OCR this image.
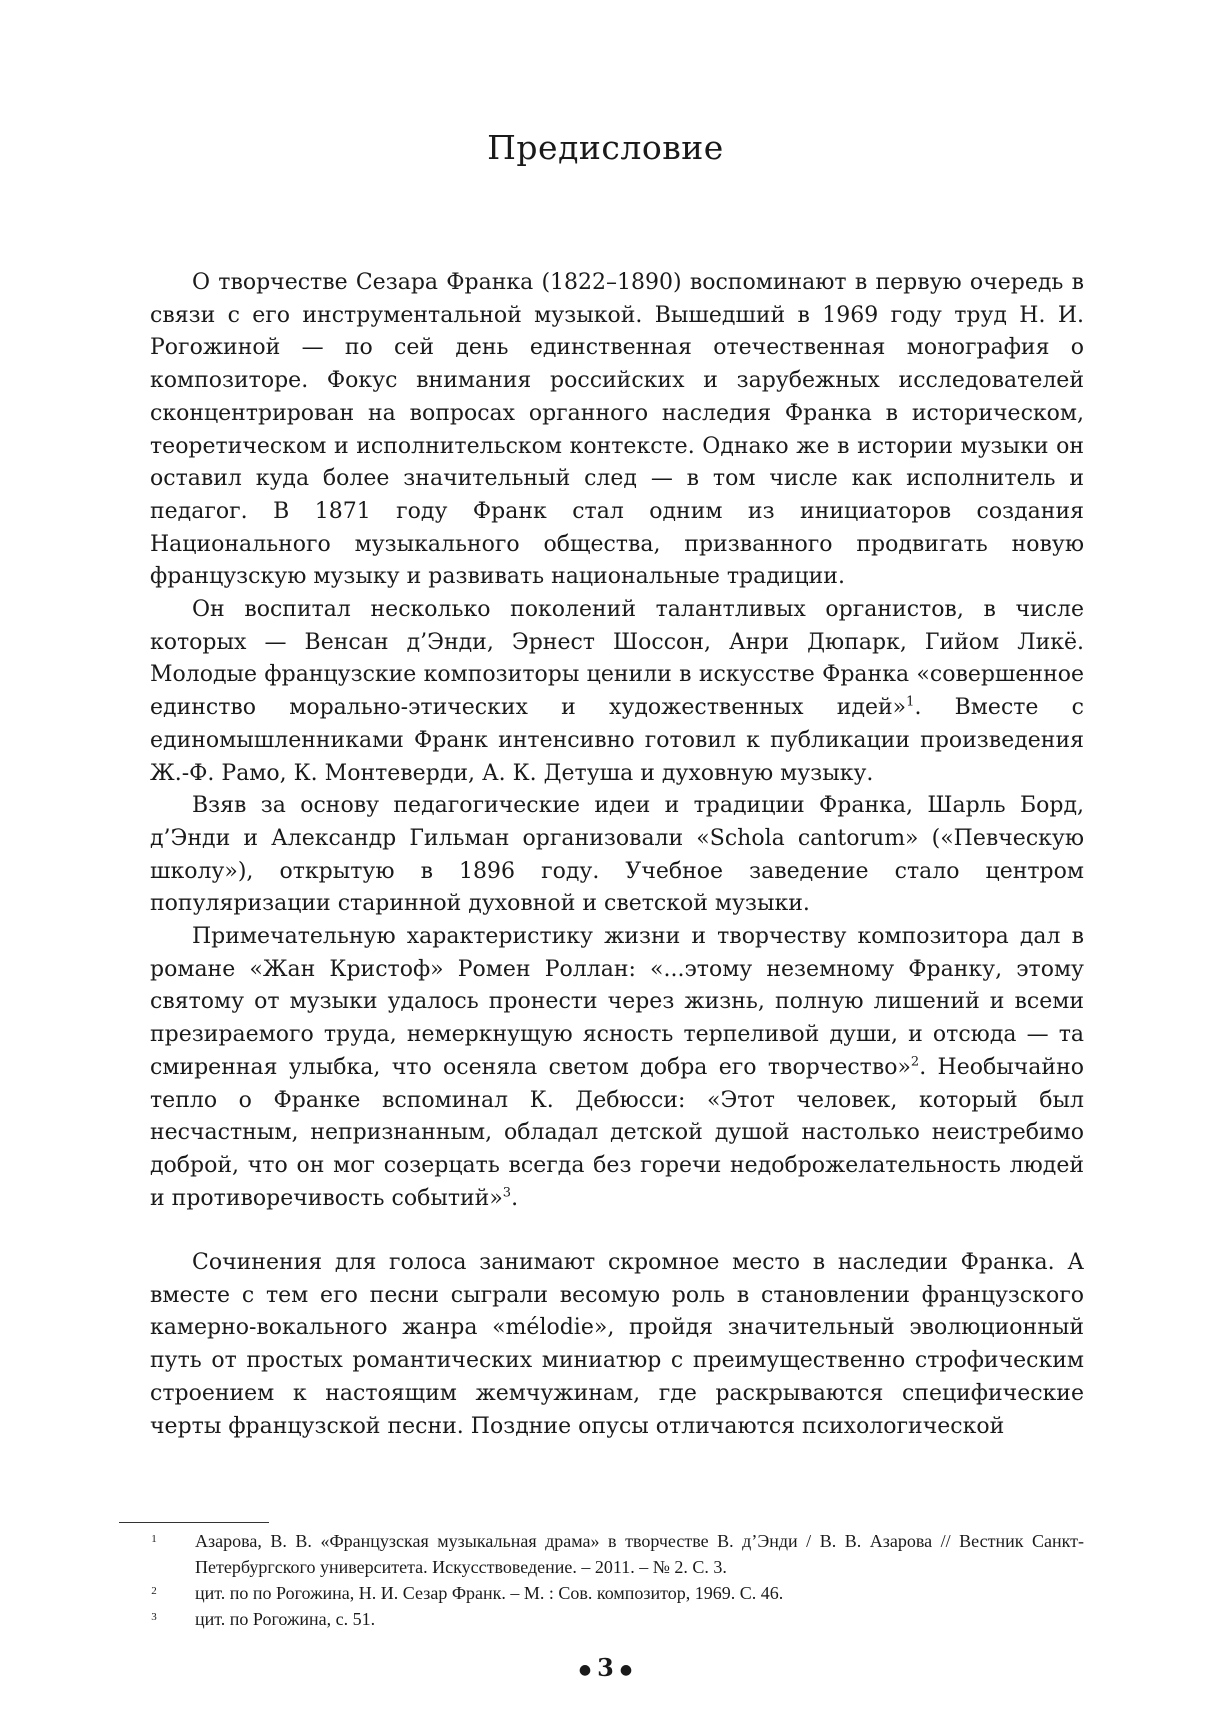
Предисловие

О творчестве Сезара Франка (1822–1890) воспоминают в первую очередь в связи с его инструментальной музыкой. Вышедший в 1969 году труд Н. И. Рогожиной — по сей день единственная отечественная монография о композиторе. Фокус внимания российских и зарубежных исследователей сконцентрирован на вопросах органного наследия Франка в историческом, теоретическом и исполнительском контексте. Однако же в истории музыки он оставил куда более значительный след — в том числе как исполнитель и педагог. В 1871 году Франк стал одним из инициаторов создания Национального музыкального общества, призванного продвигать новую французскую музыку и развивать национальные традиции.

Он воспитал несколько поколений талантливых органистов, в числе которых — Венсан д’Энди, Эрнест Шоссон, Анри Дюпарк, Гийом Ликё. Молодые французские композиторы ценили в искусстве Франка «совершенное единство морально-этических и художественных идей»$^1$. Вместе с единомышленниками Франк интенсивно готовил к публикации произведения Ж.-Ф. Рамо, К. Монтеверди, А. К. Детуша и духовную музыку.

Взяв за основу педагогические идеи и традиции Франка, Шарль Борд, д’Энди и Александр Гильман организовали «Schola cantorum» («Певческую школу»), открытую в 1896 году. Учебное заведение стало центром популяризации старинной духовной и светской музыки.

Примечательную характеристику жизни и творчеству композитора дал в романе «Жан Кристоф» Ромен Роллан: «...этому неземному Франку, этому святому от музыки удалось пронести через жизнь, полную лишений и всеми презираемого труда, немеркнущую ясность терпеливой души, и отсюда — та смиренная улыбка, что осеняла светом добра его творчество»$^2$. Необычайно тепло о Франке вспоминал К. Дебюсси: «Этот человек, который был несчастным, непризнанным, обладал детской душой настолько неистребимо доброй, что он мог созерцать всегда без горечи недоброжелательность людей и противоречивость событий»$^3$.

Сочинения для голоса занимают скромное место в наследии Франка. А вместе с тем его песни сыграли весомую роль в становлении французского камерно-вокального жанра «mélodie», пройдя значительный эволюционный путь от простых романтических миниатюр с преимущественно строфическим строением к настоящим жемчужинам, где раскрываются специфические черты французской песни. Поздние опусы отличаются психологической

1	Азарова, В. В. «Французская музыкальная драма» в творчестве В. д’Энди / В. В. Азарова // Вестник Санкт-Петербургского университета. Искусствоведение. – 2011. – № 2. С. 3.
2	цит. по по Рогожина, Н. И. Сезар Франк. – М. : Сов. композитор, 1969. С. 46.
3	цит. по Рогожина, с. 51.
● 3 ●
